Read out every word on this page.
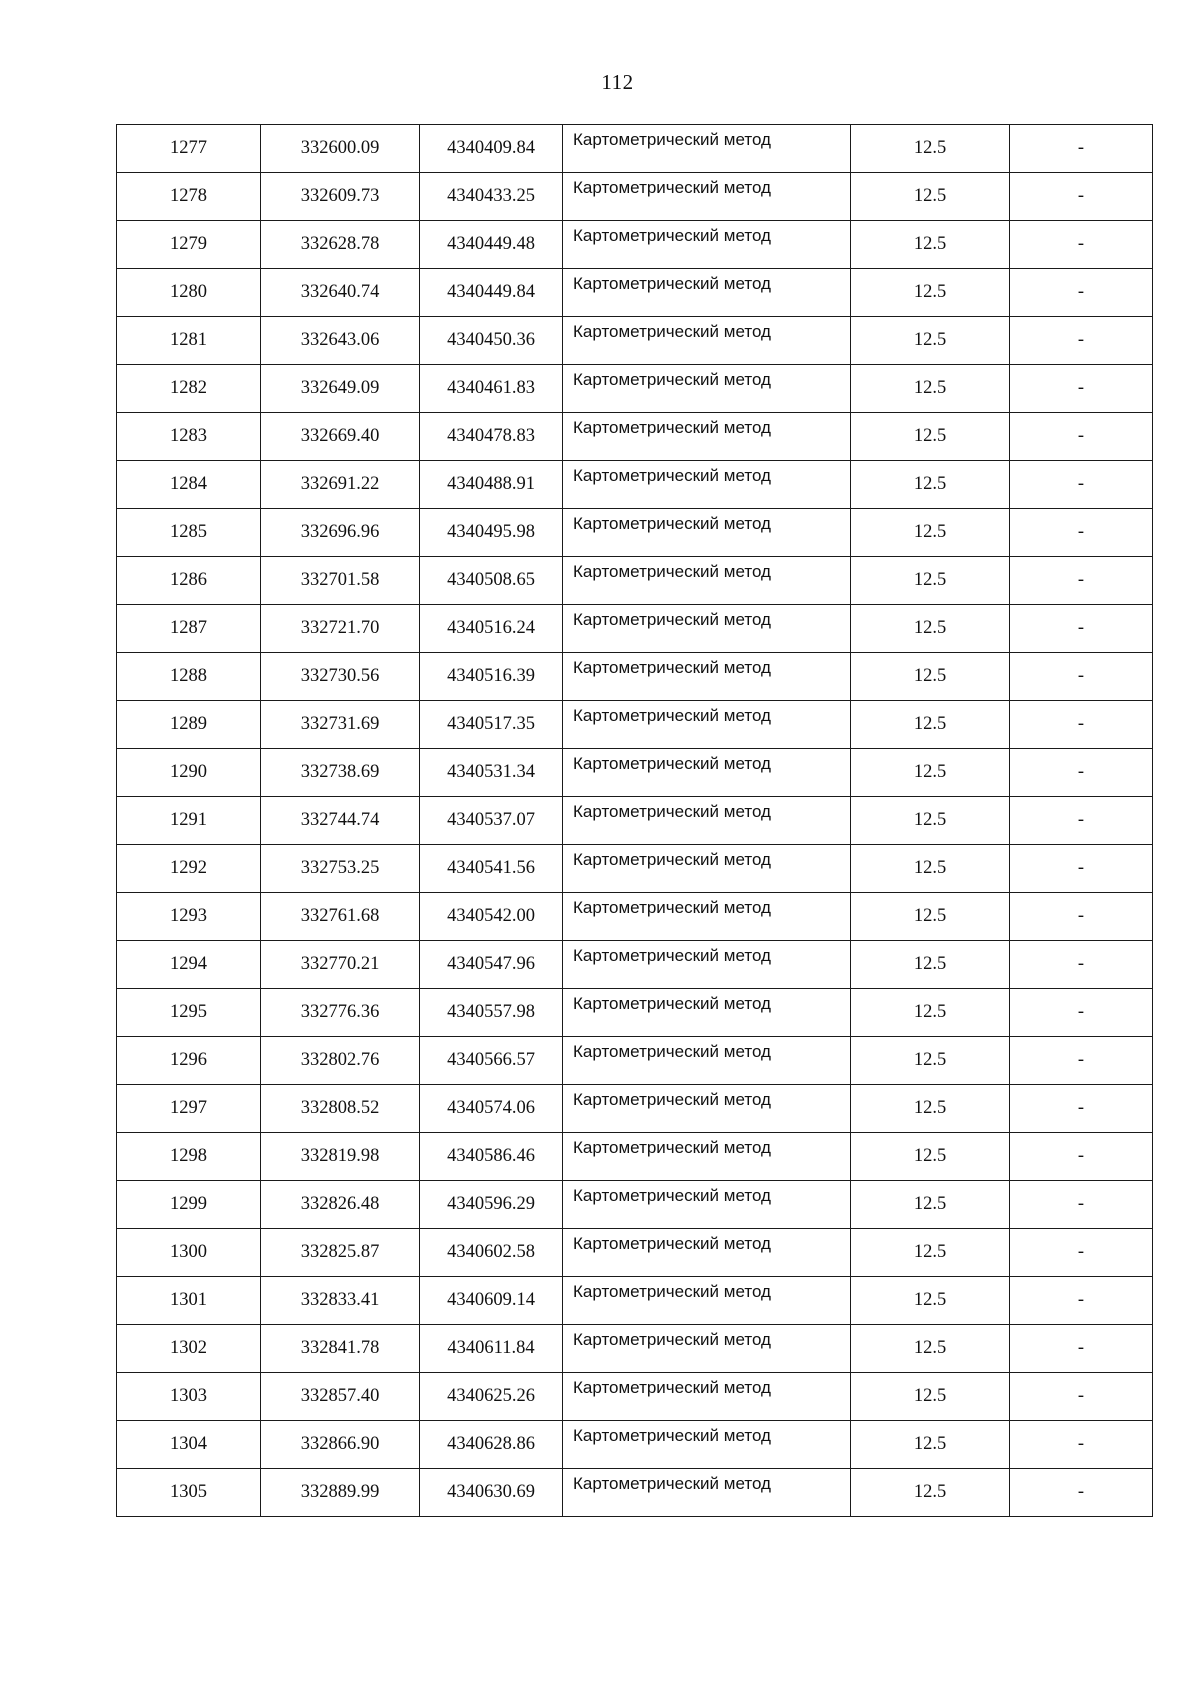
112
1277	332600.09	4340409.84	Картометрический метод	12.5	-
1278	332609.73	4340433.25	Картометрический метод	12.5	-
1279	332628.78	4340449.48	Картометрический метод	12.5	-
1280	332640.74	4340449.84	Картометрический метод	12.5	-
1281	332643.06	4340450.36	Картометрический метод	12.5	-
1282	332649.09	4340461.83	Картометрический метод	12.5	-
1283	332669.40	4340478.83	Картометрический метод	12.5	-
1284	332691.22	4340488.91	Картометрический метод	12.5	-
1285	332696.96	4340495.98	Картометрический метод	12.5	-
1286	332701.58	4340508.65	Картометрический метод	12.5	-
1287	332721.70	4340516.24	Картометрический метод	12.5	-
1288	332730.56	4340516.39	Картометрический метод	12.5	-
1289	332731.69	4340517.35	Картометрический метод	12.5	-
1290	332738.69	4340531.34	Картометрический метод	12.5	-
1291	332744.74	4340537.07	Картометрический метод	12.5	-
1292	332753.25	4340541.56	Картометрический метод	12.5	-
1293	332761.68	4340542.00	Картометрический метод	12.5	-
1294	332770.21	4340547.96	Картометрический метод	12.5	-
1295	332776.36	4340557.98	Картометрический метод	12.5	-
1296	332802.76	4340566.57	Картометрический метод	12.5	-
1297	332808.52	4340574.06	Картометрический метод	12.5	-
1298	332819.98	4340586.46	Картометрический метод	12.5	-
1299	332826.48	4340596.29	Картометрический метод	12.5	-
1300	332825.87	4340602.58	Картометрический метод	12.5	-
1301	332833.41	4340609.14	Картометрический метод	12.5	-
1302	332841.78	4340611.84	Картометрический метод	12.5	-
1303	332857.40	4340625.26	Картометрический метод	12.5	-
1304	332866.90	4340628.86	Картометрический метод	12.5	-
1305	332889.99	4340630.69	Картометрический метод	12.5	-
